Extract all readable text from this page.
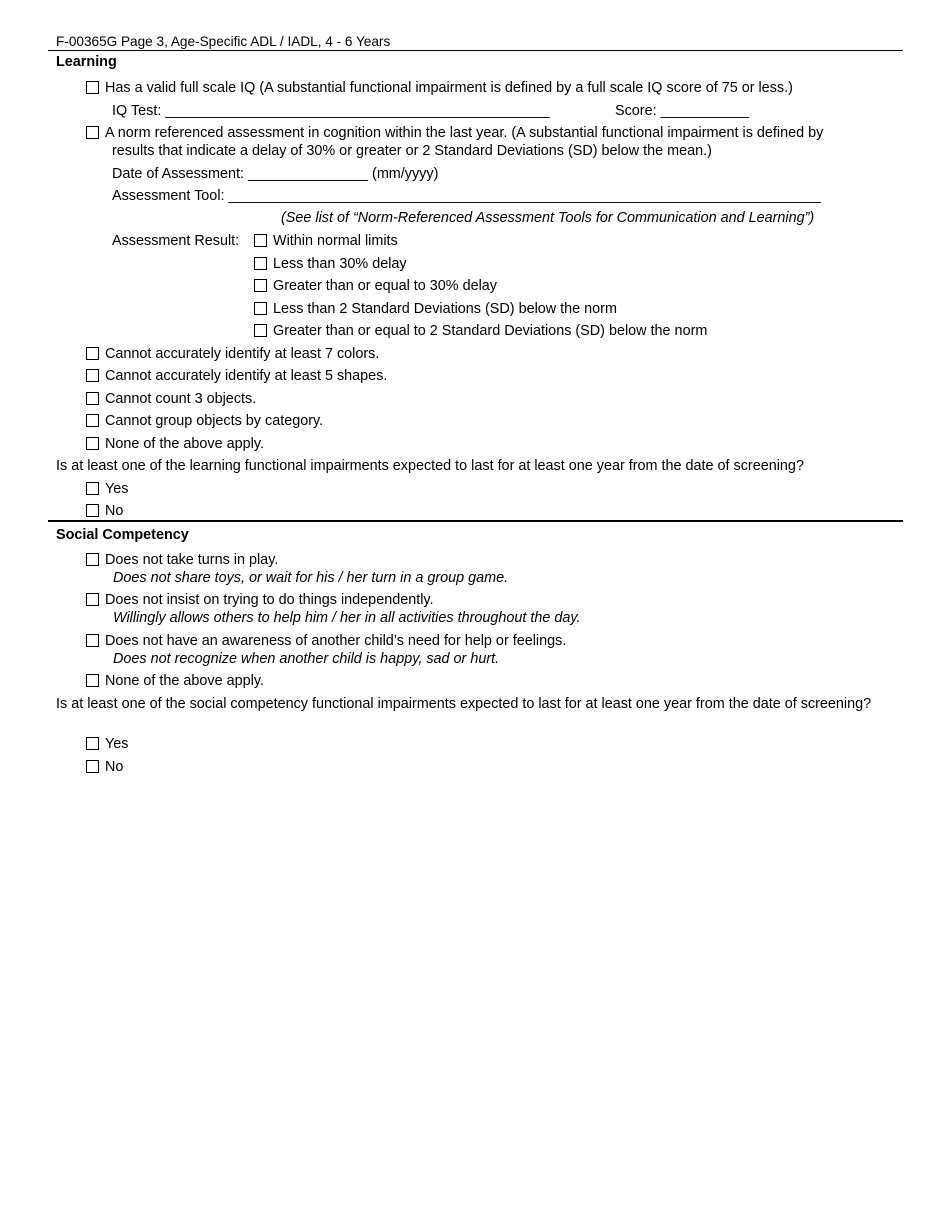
F-00365G Page 3, Age-Specific ADL / IADL, 4 - 6 Years
Learning
Has a valid full scale IQ (A substantial functional impairment is defined by a full scale IQ score of 75 or less.)
IQ Test: ________________________________________________	Score: ___________
A norm referenced assessment in cognition within the last year. (A substantial functional impairment is defined by
results that indicate a delay of 30% or greater or 2 Standard Deviations (SD) below the mean.)
Date of Assessment: _______________ (mm/yyyy)
Assessment Tool: __________________________________________________________________________
(See list of “Norm-Referenced Assessment Tools for Communication and Learning”)
Assessment Result:	Within normal limits
Less than 30% delay
Greater than or equal to 30% delay
Less than 2 Standard Deviations (SD) below the norm
Greater than or equal to 2 Standard Deviations (SD) below the norm
Cannot accurately identify at least 7 colors.
Cannot accurately identify at least 5 shapes.
Cannot count 3 objects.
Cannot group objects by category.
None of the above apply.
Is at least one of the learning functional impairments expected to last for at least one year from the date of screening?
Yes
No
Social Competency
Does not take turns in play.
Does not share toys, or wait for his / her turn in a group game.
Does not insist on trying to do things independently.
Willingly allows others to help him / her in all activities throughout the day.
Does not have an awareness of another child’s need for help or feelings.
Does not recognize when another child is happy, sad or hurt.
None of the above apply.
Is at least one of the social competency functional impairments expected to last for at least one year from the date of screening?
Yes
No
